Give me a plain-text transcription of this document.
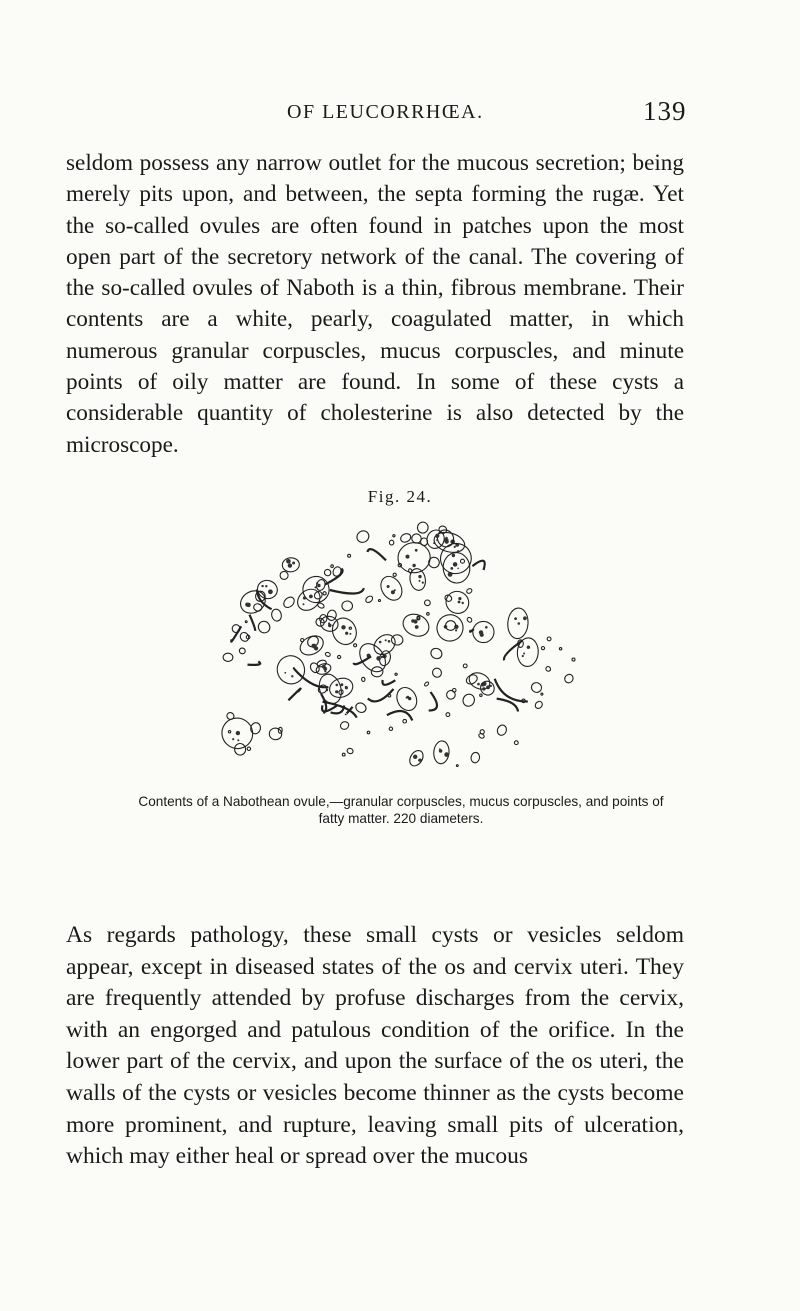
OF LEUCORRHŒA.	139

seldom possess any narrow outlet for the mucous secretion; being merely pits upon, and between, the septa forming the rugæ. Yet the so-called ovules are often found in patches upon the most open part of the secretory network of the canal. The covering of the so-called ovules of Naboth is a thin, fibrous membrane. Their contents are a white, pearly, coagulated matter, in which numerous granular corpuscles, mucus corpuscles, and minute points of oily matter are found. In some of these cysts a considerable quantity of cholesterine is also detected by the microscope.

Fig. 24.
Contents of a Nabothean ovule,—granular corpuscles, mucus corpuscles, and points of fatty matter. 220 diameters.

As regards pathology, these small cysts or vesicles seldom appear, except in diseased states of the os and cervix uteri. They are frequently attended by profuse discharges from the cervix, with an engorged and patulous condition of the orifice. In the lower part of the cervix, and upon the surface of the os uteri, the walls of the cysts or vesicles become thinner as the cysts become more prominent, and rupture, leaving small pits of ulceration, which may either heal or spread over the mucous
